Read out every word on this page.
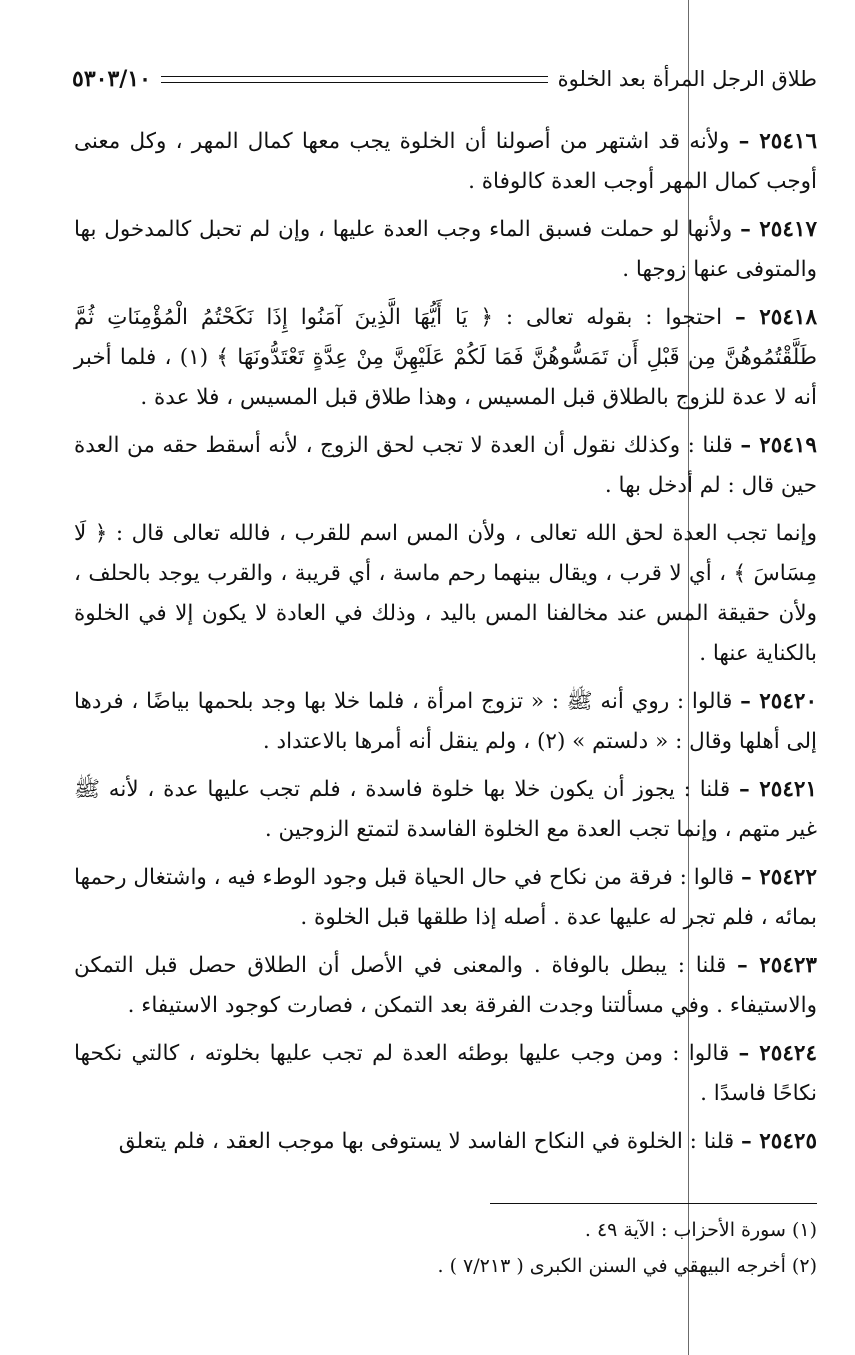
طلاق الرجل المرأة بعد الخلوة
٥٣٠٣/١٠

٢٥٤١٦ – ولأنه قد اشتهر من أصولنا أن الخلوة يجب معها كمال المهر ، وكل معنى أوجب كمال المهر أوجب العدة كالوفاة .

٢٥٤١٧ – ولأنها لو حملت فسبق الماء وجب العدة عليها ، وإن لم تحبل كالمدخول بها والمتوفى عنها زوجها .

٢٥٤١٨ – احتجوا : بقوله تعالى : ﴿ يَا أَيُّهَا الَّذِينَ آمَنُوا إِذَا نَكَحْتُمُ الْمُؤْمِنَاتِ ثُمَّ طَلَّقْتُمُوهُنَّ مِن قَبْلِ أَن تَمَسُّوهُنَّ فَمَا لَكُمْ عَلَيْهِنَّ مِنْ عِدَّةٍ تَعْتَدُّونَهَا ﴾ (١) ، فلما أخبر أنه لا عدة للزوج بالطلاق قبل المسيس ، وهذا طلاق قبل المسيس ، فلا عدة .

٢٥٤١٩ – قلنا : وكذلك نقول أن العدة لا تجب لحق الزوج ، لأنه أسقط حقه من العدة حين قال : لم أدخل بها .

وإنما تجب العدة لحق الله تعالى ، ولأن المس اسم للقرب ، فالله تعالى قال : ﴿ لَا مِسَاسَ ﴾ ، أي لا قرب ، ويقال بينهما رحم ماسة ، أي قريبة ، والقرب يوجد بالحلف ، ولأن حقيقة المس عند مخالفنا المس باليد ، وذلك في العادة لا يكون إلا في الخلوة بالكناية عنها .

٢٥٤٢٠ – قالوا : روي أنه ﷺ : « تزوج امرأة ، فلما خلا بها وجد بلحمها بياضًا ، فردها إلى أهلها وقال : « دلستم » (٢) ، ولم ينقل أنه أمرها بالاعتداد .

٢٥٤٢١ – قلنا : يجوز أن يكون خلا بها خلوة فاسدة ، فلم تجب عليها عدة ، لأنه ﷺ غير متهم ، وإنما تجب العدة مع الخلوة الفاسدة لتمتع الزوجين .

٢٥٤٢٢ – قالوا : فرقة من نكاح في حال الحياة قبل وجود الوطء فيه ، واشتغال رحمها بمائه ، فلم تجر له عليها عدة . أصله إذا طلقها قبل الخلوة .

٢٥٤٢٣ – قلنا : يبطل بالوفاة . والمعنى في الأصل أن الطلاق حصل قبل التمكن والاستيفاء . وفي مسألتنا وجدت الفرقة بعد التمكن ، فصارت كوجود الاستيفاء .

٢٥٤٢٤ – قالوا : ومن وجب عليها بوطئه العدة لم تجب عليها بخلوته ، كالتي نكحها نكاحًا فاسدًا .

٢٥٤٢٥ – قلنا : الخلوة في النكاح الفاسد لا يستوفى بها موجب العقد ، فلم يتعلق

(١) سورة الأحزاب : الآية ٤٩ .
(٢) أخرجه البيهقي في السنن الكبرى ( ٧/٢١٣ ) .
